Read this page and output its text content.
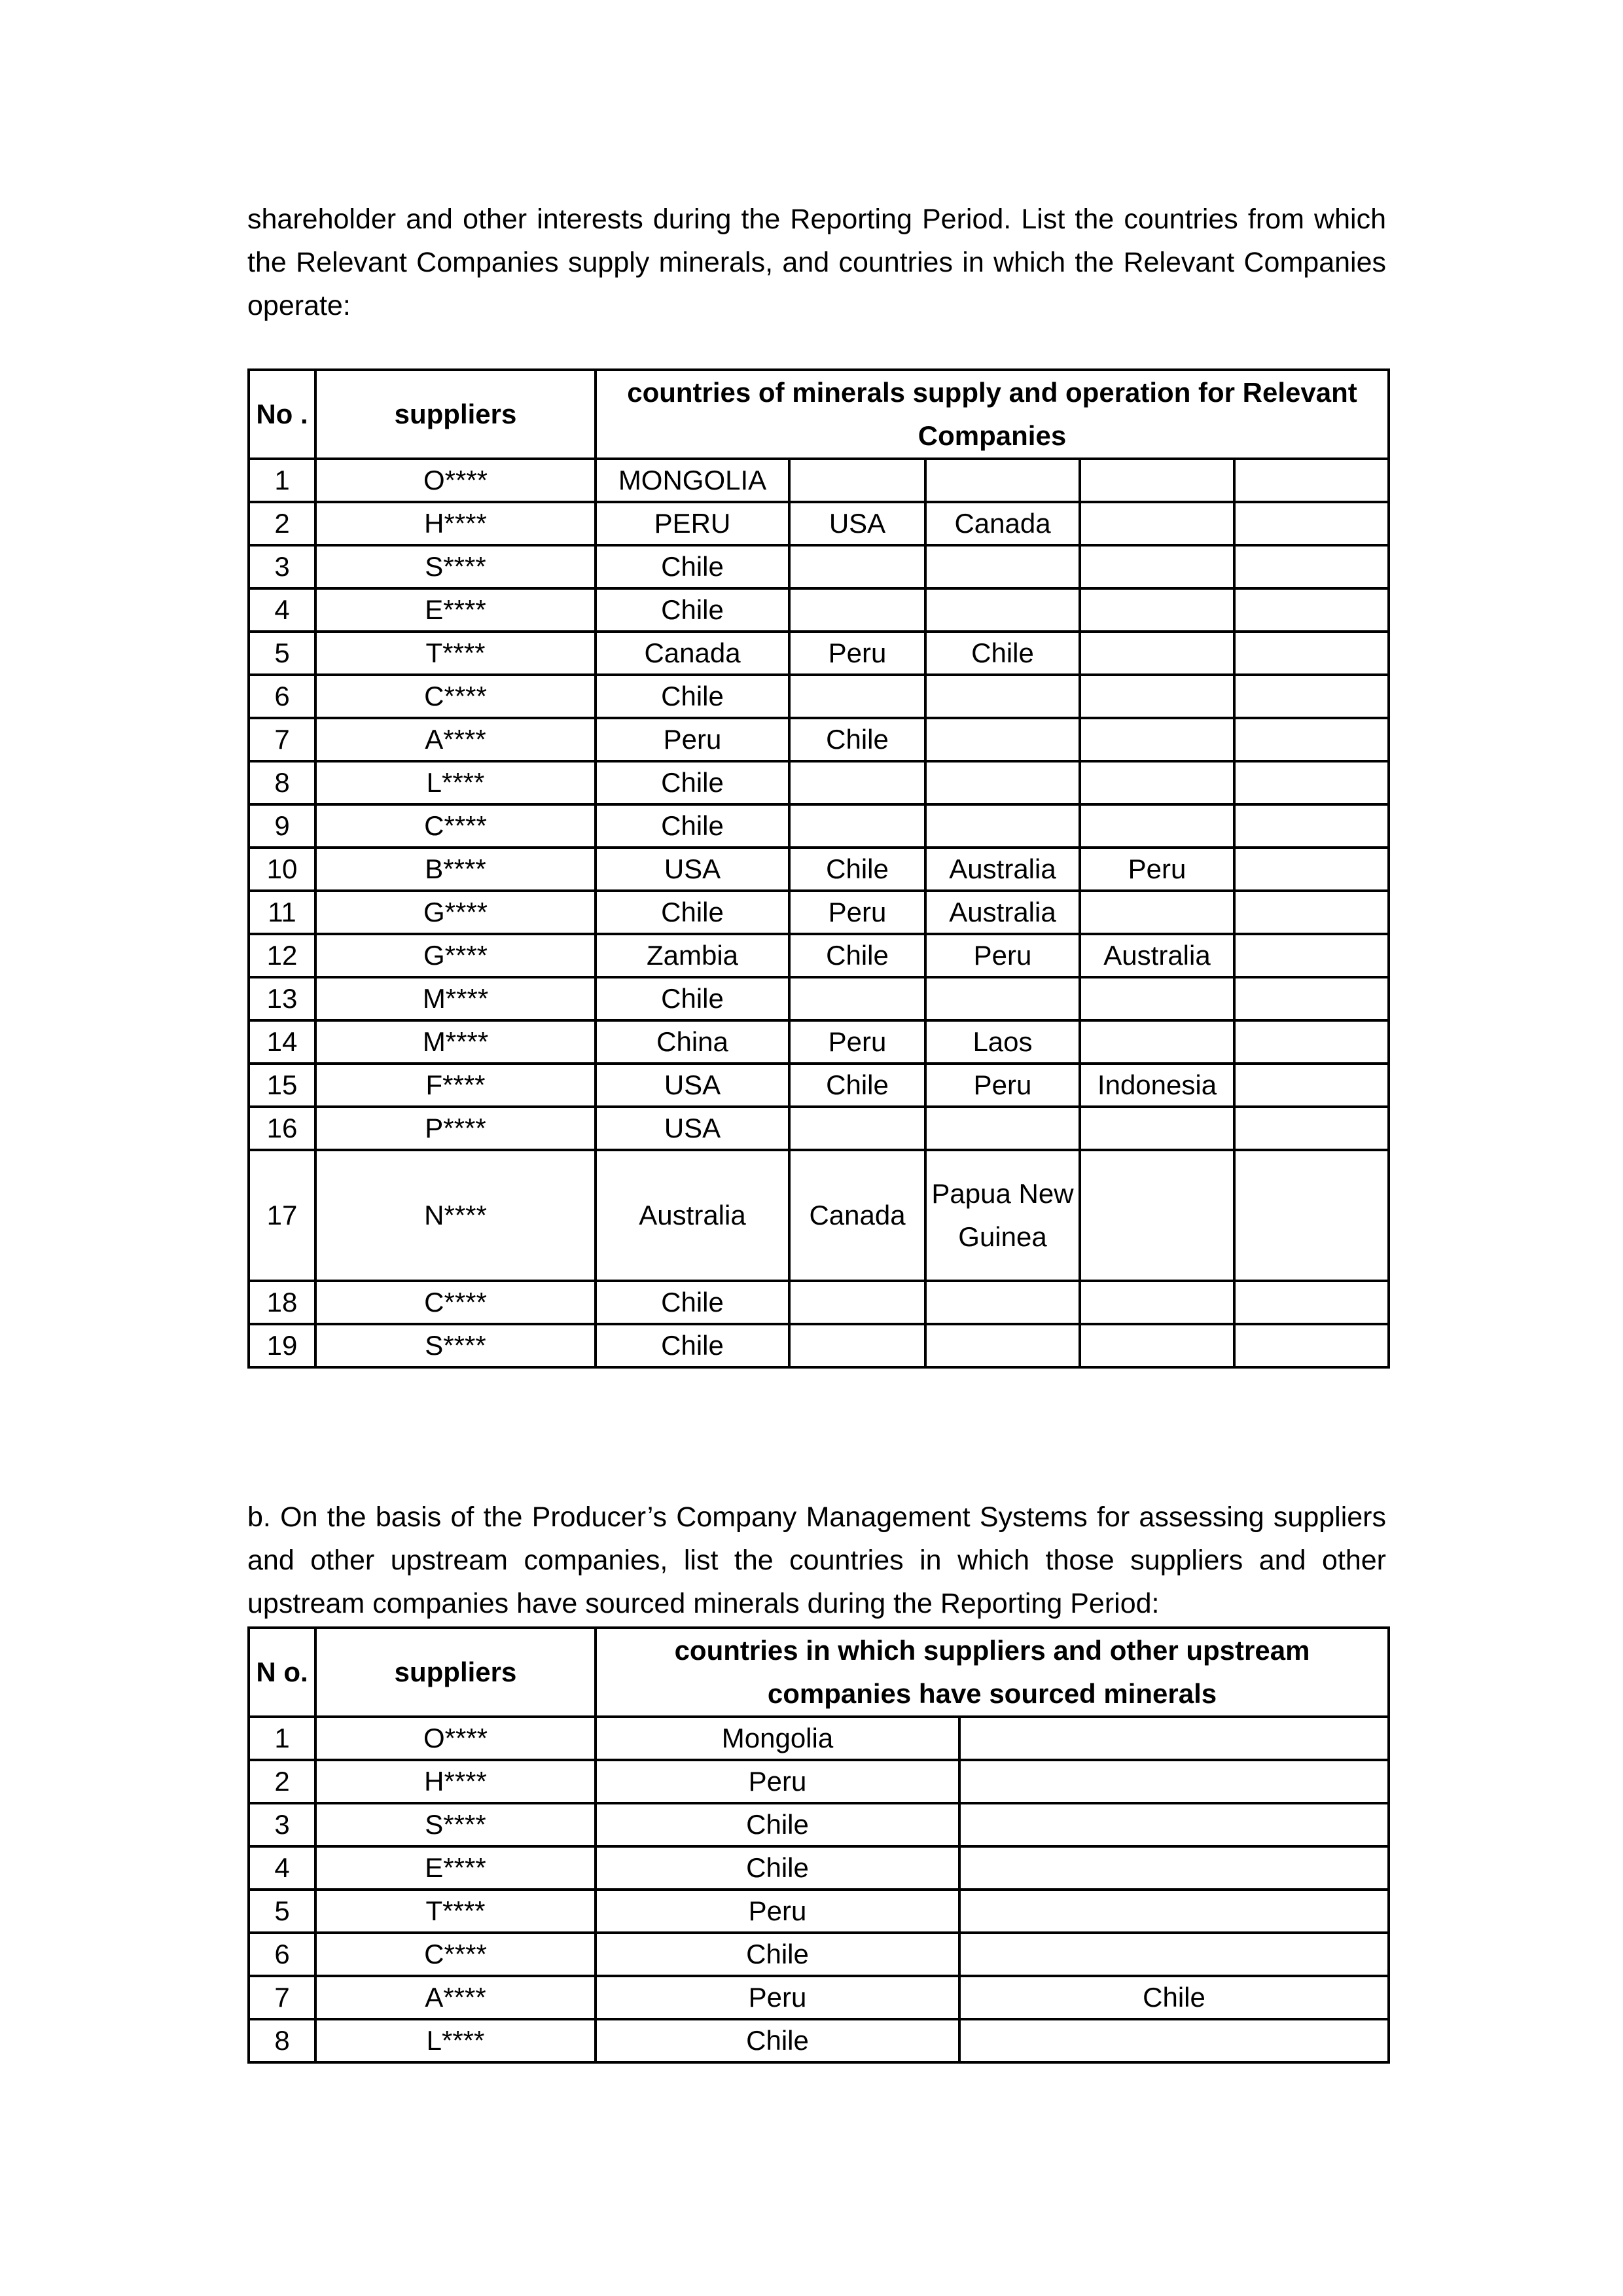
shareholder and other interests during the Reporting Period. List the countries from which the Relevant Companies supply minerals, and countries in which the Relevant Companies operate:

No .	suppliers	countries of minerals supply and operation for Relevant Companies				
1	O****	MONGOLIA				
2	H****	PERU	USA	Canada		
3	S****	Chile				
4	E****	Chile				
5	T****	Canada	Peru	Chile		
6	C****	Chile				
7	A****	Peru	Chile			
8	L****	Chile				
9	C****	Chile				
10	B****	USA	Chile	Australia	Peru	
11	G****	Chile	Peru	Australia		
12	G****	Zambia	Chile	Peru	Australia	
13	M****	Chile				
14	M****	China	Peru	Laos		
15	F****	USA	Chile	Peru	Indonesia	
16	P****	USA				
17	N****	Australia	Canada	Papua New Guinea		
18	C****	Chile				
19	S****	Chile				

b. On the basis of the Producer’s Company Management Systems for assessing suppliers and other upstream companies, list the countries in which those suppliers and other upstream companies have sourced minerals during the Reporting Period:

N o.	suppliers	countries in which suppliers and other upstream companies have sourced minerals	
1	O****	Mongolia	
2	H****	Peru	
3	S****	Chile	
4	E****	Chile	
5	T****	Peru	
6	C****	Chile	
7	A****	Peru	Chile
8	L****	Chile	
